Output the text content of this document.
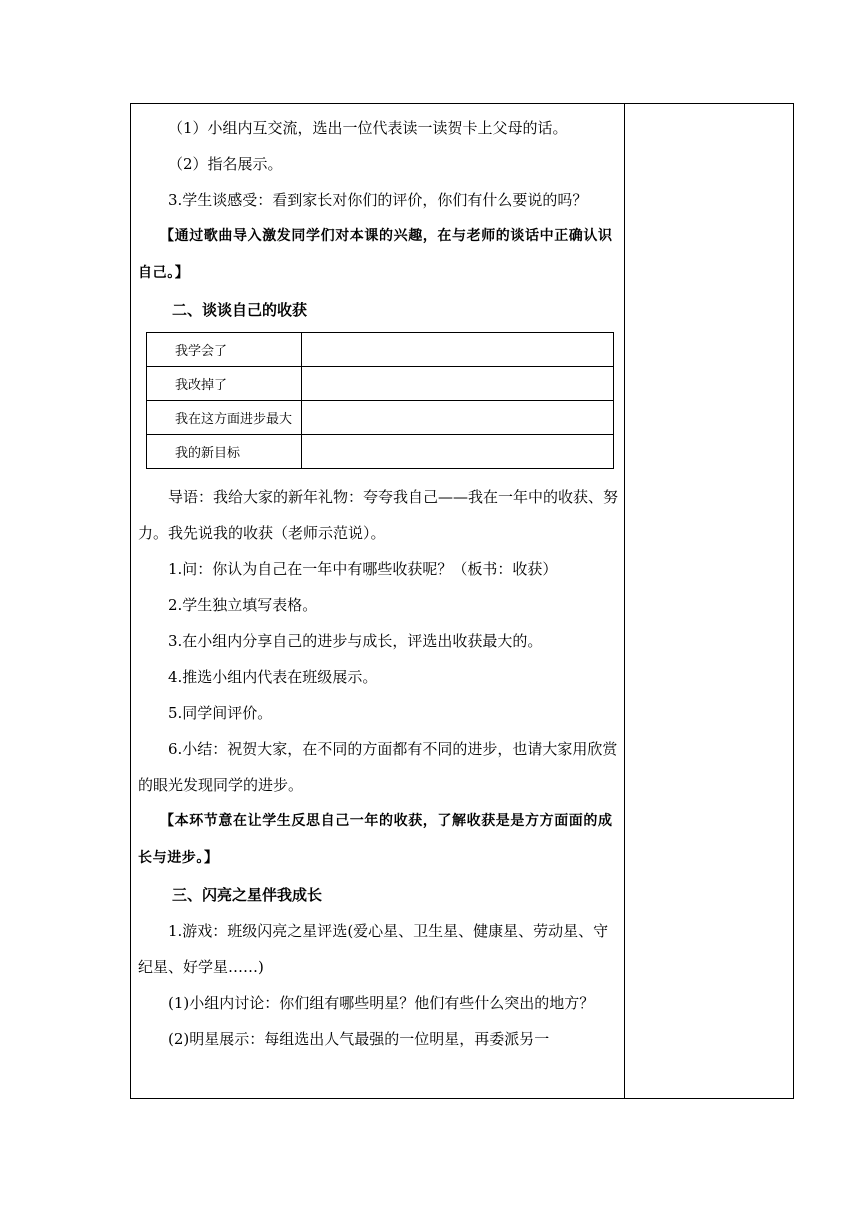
（1）小组内互交流，选出一位代表读一读贺卡上父母的话。

（2）指名展示。

3.学生谈感受：看到家长对你们的评价，你们有什么要说的吗？

【通过歌曲导入激发同学们对本课的兴趣，在与老师的谈话中正确认识自己。】

二、谈谈自己的收获

我学会了	
我改掉了	
我在这方面进步最大	
我的新目标	

导语：我给大家的新年礼物：夸夸我自己——我在一年中的收获、努力。我先说我的收获（老师示范说）。

1.问：你认为自己在一年中有哪些收获呢？（板书：收获）

2.学生独立填写表格。

3.在小组内分享自己的进步与成长，评选出收获最大的。

4.推选小组内代表在班级展示。

5.同学间评价。

6.小结：祝贺大家，在不同的方面都有不同的进步，也请大家用欣赏的眼光发现同学的进步。

【本环节意在让学生反思自己一年的收获，了解收获是是方方面面的成长与进步。】

三、闪亮之星伴我成长

1.游戏：班级闪亮之星评选(爱心星、卫生星、健康星、劳动星、守纪星、好学星……)

(1)小组内讨论：你们组有哪些明星？他们有些什么突出的地方？

(2)明星展示：每组选出人气最强的一位明星，再委派另一
